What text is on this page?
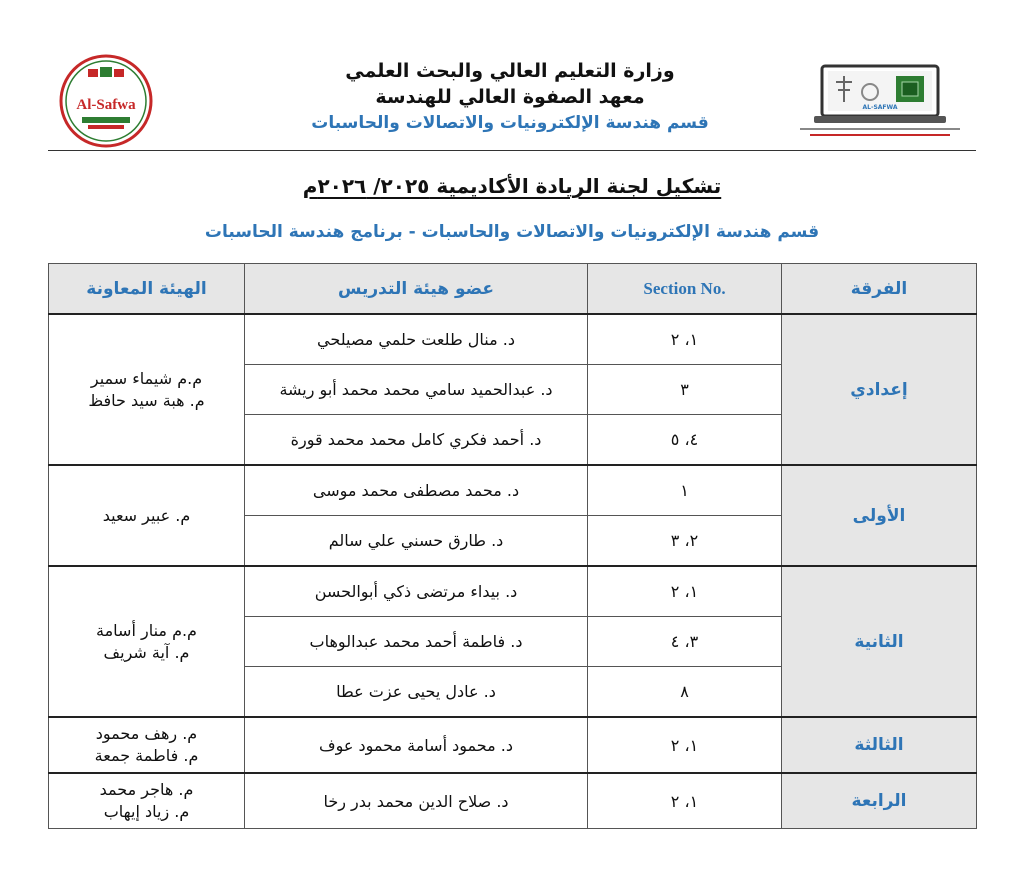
Al-Safwa	AL-SAFWA
وزارة التعليم العالي والبحث العلمي
معهد الصفوة العالي للهندسة
قسم هندسة الإلكترونيات والاتصالات والحاسبات
تشكيل لجنة الريادة الأكاديمية ٢٠٢٥/ ٢٠٢٦م
قسم هندسة الإلكترونيات والاتصالات والحاسبات - برنامج هندسة الحاسبات
الفرقة	Section No.	عضو هيئة التدريس	الهيئة المعاونة
إعدادي	١، ٢	د. منال طلعت حلمي مصيلحي	م.م شيماء سمير
م. هبة سيد حافظ

	٣	د. عبدالحميد سامي محمد محمد أبو ريشة	
	٤، ٥	د. أحمد فكري كامل محمد محمد قورة	
الأولى	١	د. محمد مصطفى محمد موسى	م. عبير سعيد

	٢، ٣	د. طارق حسني علي سالم	
الثانية	١، ٢	د. بيداء مرتضى ذكي أبوالحسن	م.م منار أسامة
م. آية شريف

	٣، ٤	د. فاطمة أحمد محمد عبدالوهاب	
	٨	د. عادل يحيى عزت عطا	
الثالثة	١، ٢	د. محمود أسامة محمود عوف	م. رهف محمود
م. فاطمة جمعة

الرابعة	١، ٢	د. صلاح الدين محمد بدر رخا	م. هاجر محمد
م. زياد إيهاب
